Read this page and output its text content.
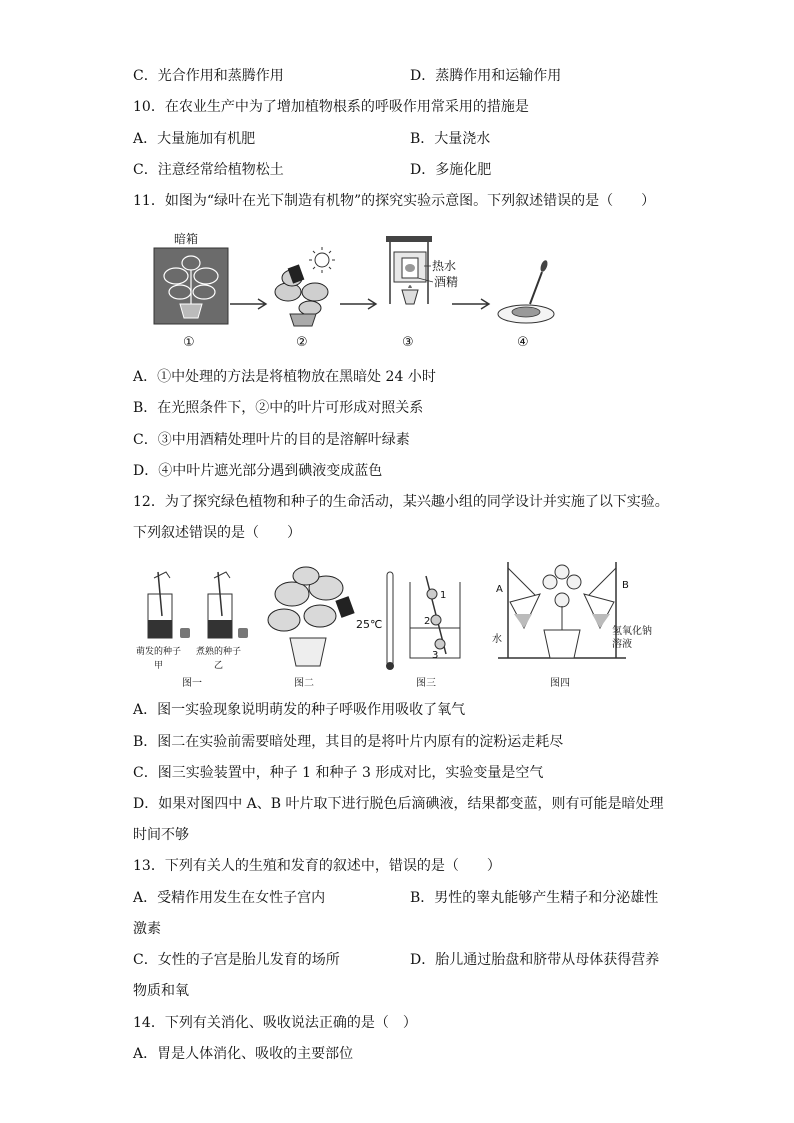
C．光合作用和蒸腾作用	D．蒸腾作用和运输作用
10．在农业生产中为了增加植物根系的呼吸作用常采用的措施是
A．大量施加有机肥	B．大量浇水
C．注意经常给植物松土	D．多施化肥
11．如图为“绿叶在光下制造有机物”的探究实验示意图。下列叙述错误的是（　　）
暗箱
热水
酒精
①	②	③	④
A．①中处理的方法是将植物放在黑暗处 24 小时
B．在光照条件下，②中的叶片可形成对照关系
C．③中用酒精处理叶片的目的是溶解叶绿素
D．④中叶片遮光部分遇到碘液变成蓝色
12．为了探究绿色植物和种子的生命活动，某兴趣小组的同学设计并实施了以下实验。
下列叙述错误的是（　　）
萌发的种子 煮熟的种子
甲	乙
25℃
1
2
3
A	B
水
氢氧化钠
溶液
图一	图二	图三	图四
A．图一实验现象说明萌发的种子呼吸作用吸收了氧气
B．图二在实验前需要暗处理，其目的是将叶片内原有的淀粉运走耗尽
C．图三实验装置中，种子 1 和种子 3 形成对比，实验变量是空气
D．如果对图四中 A、B 叶片取下进行脱色后滴碘液，结果都变蓝，则有可能是暗处理
时间不够
13．下列有关人的生殖和发育的叙述中，错误的是（　　）
A．受精作用发生在女性子宫内	B．男性的睾丸能够产生精子和分泌雄性
激素
C．女性的子宫是胎儿发育的场所	D．胎儿通过胎盘和脐带从母体获得营养
物质和氧
14．下列有关消化、吸收说法正确的是（　）
A．胃是人体消化、吸收的主要部位
